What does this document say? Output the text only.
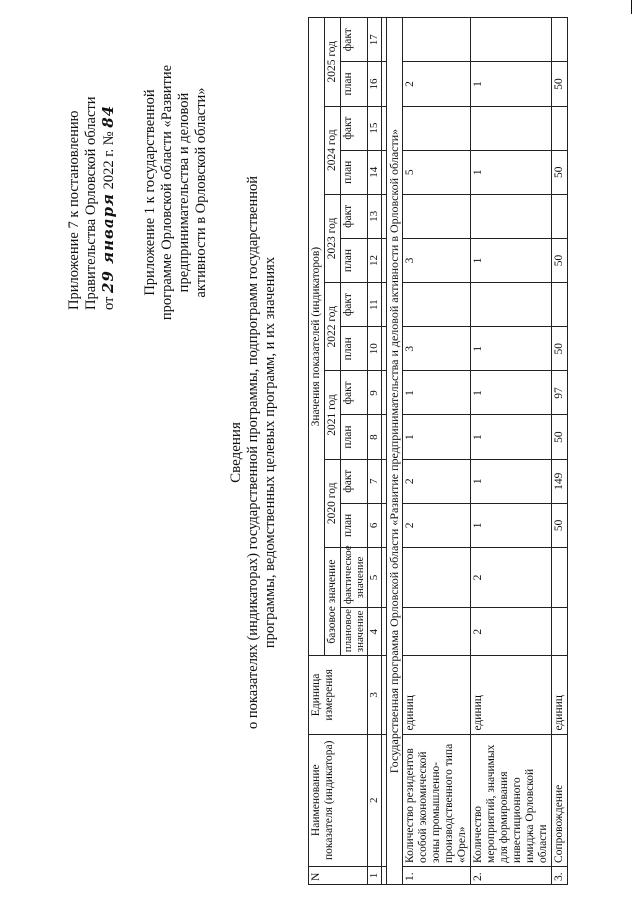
Приложение 7 к постановлению Правительства Орловской области от 29 января 2022 г. № 84 Приложение 1 к государственной программе Орловской области «Развитие предпринимательства и деловой активности в Орловской области»
Сведения о показателях (индикаторах) государственной программы, подпрограмм государственной программы, ведомственных целевых программ, и их значениях
N	Наименование показателя (индикатора)	Единица измерения	Значения показателей (индикаторов)													
			базовое значение		2020 год		2021 год		2022 год		2023 год		2024 год		2025 год	
			плановое значение	фактическое значение	план	факт	план	факт	план	факт	план	факт	план	факт	план	факт
1	2	3	4	5	6	7	8	9	10	11	12	13	14	15	16	17

Государственная программа Орловской области «Развитие предпринимательства и деловой активности в Орловской области»																
1.	Количество резидентов особой экономической зоны промышленно-производственного типа «Орел»	единиц			2	2	1	1	3		3		5		2	
2.	Количество мероприятий, значимых для формирования инвестиционного имиджа Орловской области	единиц	2	2	1	1	1	1	1		1		1		1	
3.	Сопровождение	единиц			50	149	50	97	50		50		50		50	
